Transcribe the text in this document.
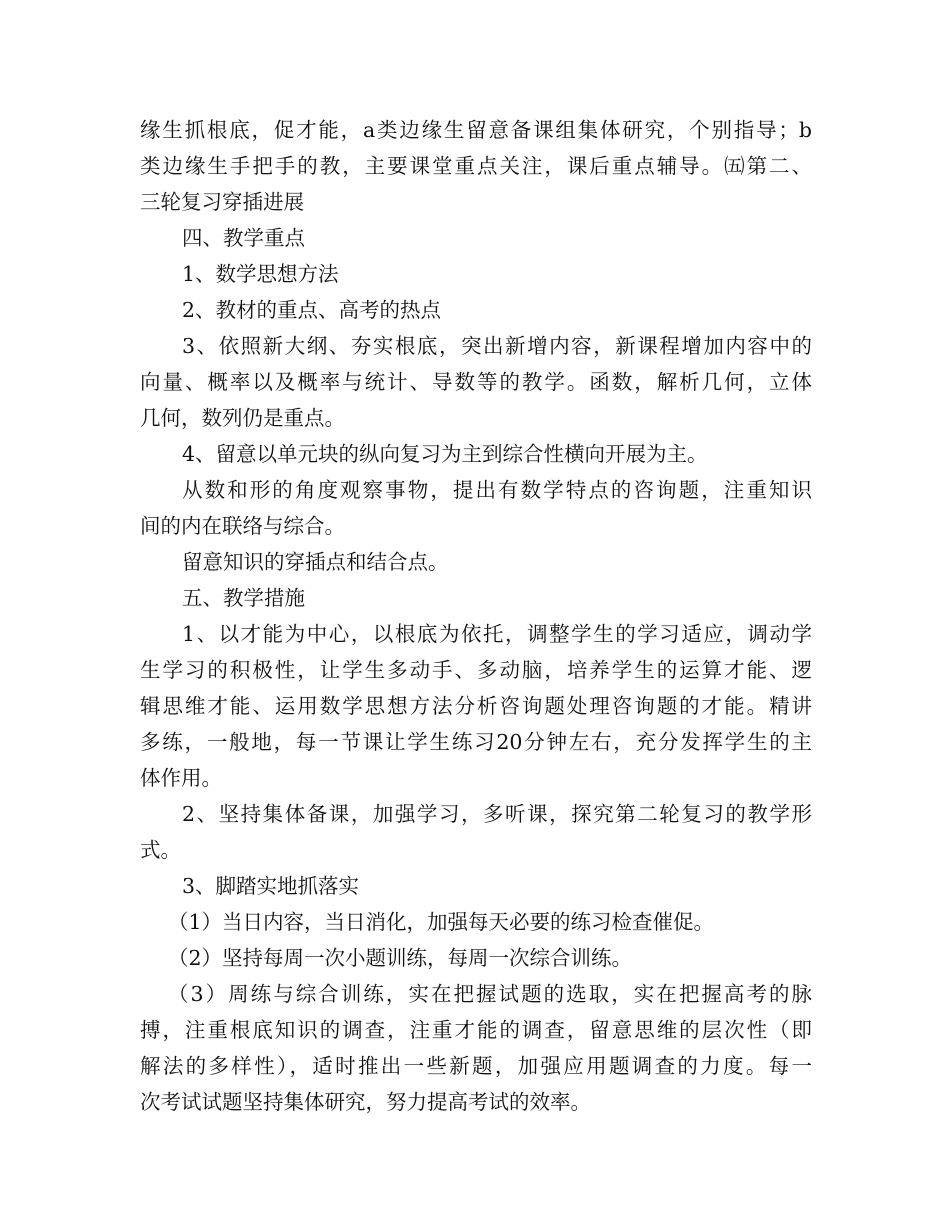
缘生抓根底，促才能，a类边缘生留意备课组集体研究，个别指导；b
类边缘生手把手的教，主要课堂重点关注，课后重点辅导。㈤第二、
三轮复习穿插进展
四、教学重点
1、数学思想方法
2、教材的重点、高考的热点
3、依照新大纲、夯实根底，突出新增内容，新课程增加内容中的
向量、概率以及概率与统计、导数等的教学。函数，解析几何，立体
几何，数列仍是重点。
4、留意以单元块的纵向复习为主到综合性横向开展为主。
从数和形的角度观察事物，提出有数学特点的咨询题，注重知识
间的内在联络与综合。
留意知识的穿插点和结合点。
五、教学措施
1、以才能为中心，以根底为依托，调整学生的学习适应，调动学
生学习的积极性，让学生多动手、多动脑，培养学生的运算才能、逻
辑思维才能、运用数学思想方法分析咨询题处理咨询题的才能。精讲
多练，一般地，每一节课让学生练习20分钟左右，充分发挥学生的主
体作用。
2、坚持集体备课，加强学习，多听课，探究第二轮复习的教学形
式。
3、脚踏实地抓落实
（1）当日内容，当日消化，加强每天必要的练习检查催促。
（2）坚持每周一次小题训练，每周一次综合训练。
（3）周练与综合训练，实在把握试题的选取，实在把握高考的脉
搏，注重根底知识的调查，注重才能的调查，留意思维的层次性（即
解法的多样性），适时推出一些新题，加强应用题调查的力度。每一
次考试试题坚持集体研究，努力提高考试的效率。
